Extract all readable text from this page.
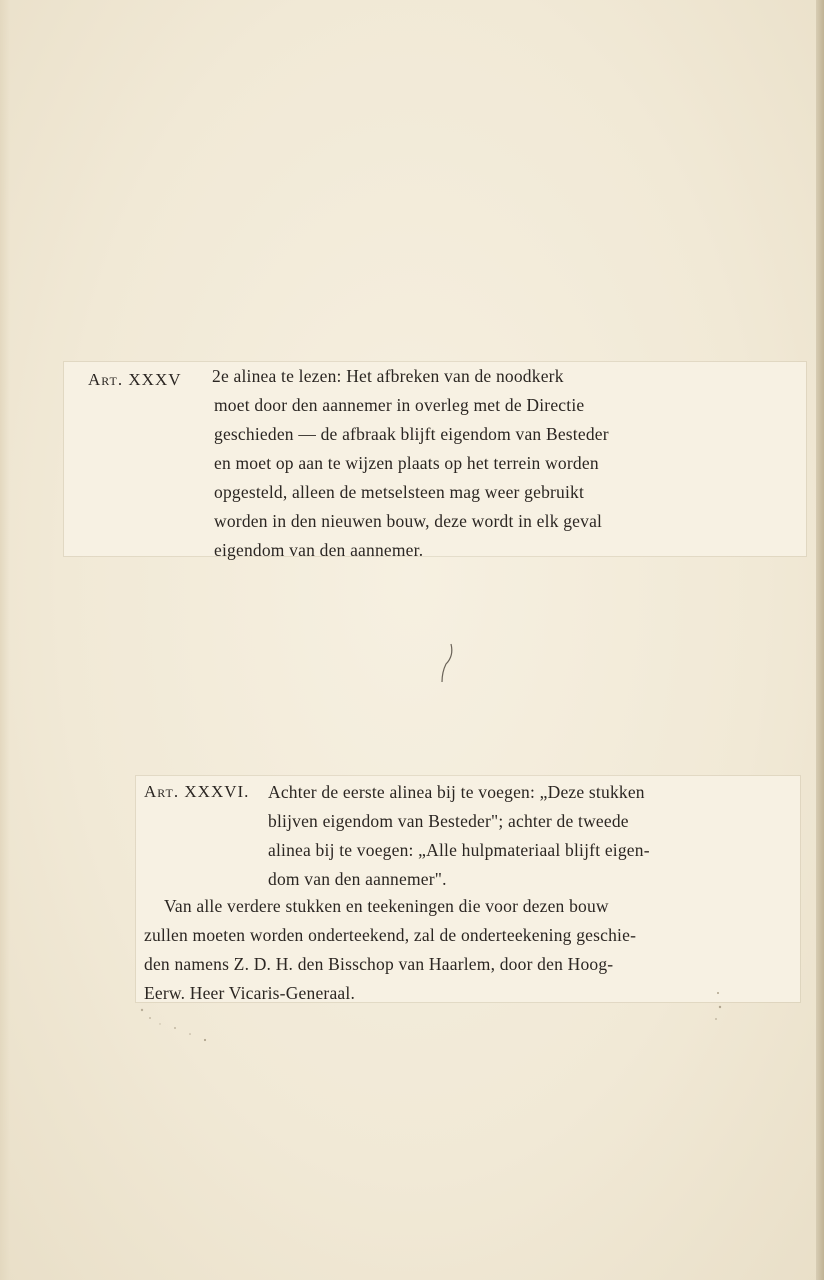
Art. XXXV 2e alinea te lezen: Het afbreken van de noodkerk
moet door den aannemer in overleg met de Directie
geschieden — de afbraak blijft eigendom van Besteder
en moet op aan te wijzen plaats op het terrein worden
opgesteld, alleen de metselsteen mag weer gebruikt
worden in den nieuwen bouw, deze wordt in elk geval
eigendom van den aannemer.
Art. XXXVI. Achter de eerste alinea bij te voegen: „Deze stukken
blijven eigendom van Besteder"; achter de tweede
alinea bij te voegen: „Alle hulpmateriaal blijft eigen-
dom van den aannemer".
Van alle verdere stukken en teekeningen die voor dezen bouw
zullen moeten worden onderteekend, zal de onderteekening geschie-
den namens Z. D. H. den Bisschop van Haarlem, door den Hoog-
Eerw. Heer Vicaris-Generaal.
